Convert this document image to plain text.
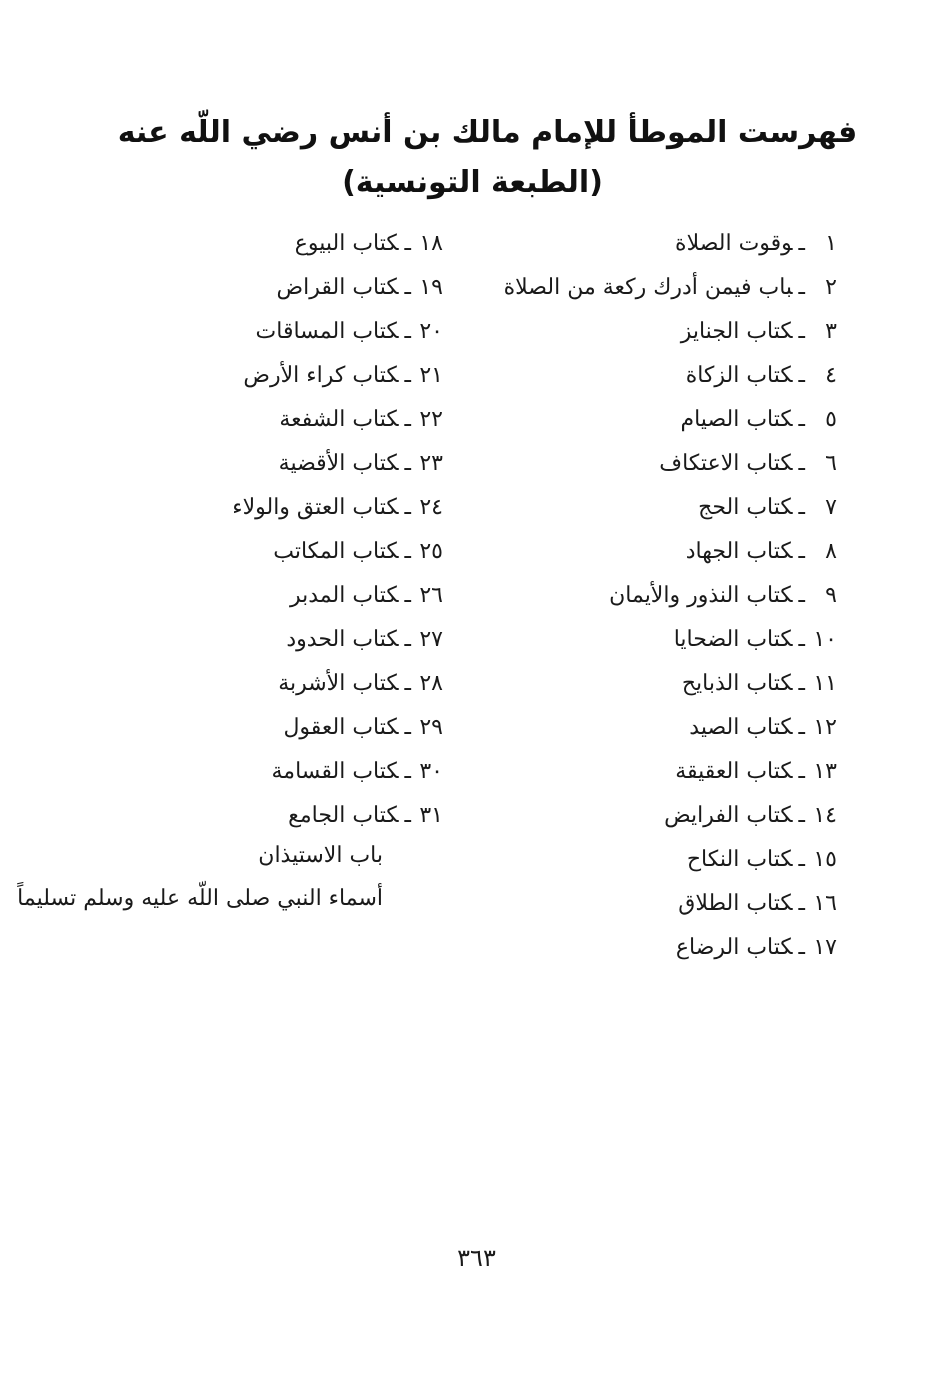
فهرست الموطأ للإمام مالك بن أنس رضي اللّه عنه
(الطبعة التونسية)
١ـوقوت الصلاة
٢ـباب فيمن أدرك ركعة من الصلاة
٣ـكتاب الجنايز
٤ـكتاب الزكاة
٥ـكتاب الصيام
٦ـكتاب الاعتكاف
٧ـكتاب الحج
٨ـكتاب الجهاد
٩ـكتاب النذور والأيمان
١٠ـكتاب الضحايا
١١ـكتاب الذبايح
١٢ـكتاب الصيد
١٣ـكتاب العقيقة
١٤ـكتاب الفرايض
١٥ـكتاب النكاح
١٦ـكتاب الطلاق
١٧ـكتاب الرضاع
١٨ـكتاب البيوع
١٩ـكتاب القراض
٢٠ـكتاب المساقات
٢١ـكتاب كراء الأرض
٢٢ـكتاب الشفعة
٢٣ـكتاب الأقضية
٢٤ـكتاب العتق والولاء
٢٥ـكتاب المكاتب
٢٦ـكتاب المدبر
٢٧ـكتاب الحدود
٢٨ـكتاب الأشربة
٢٩ـكتاب العقول
٣٠ـكتاب القسامة
٣١ـكتاب الجامع
باب الاستيذان
أسماء النبي صلى اللّه عليه وسلم تسليماً
٣٦٣
